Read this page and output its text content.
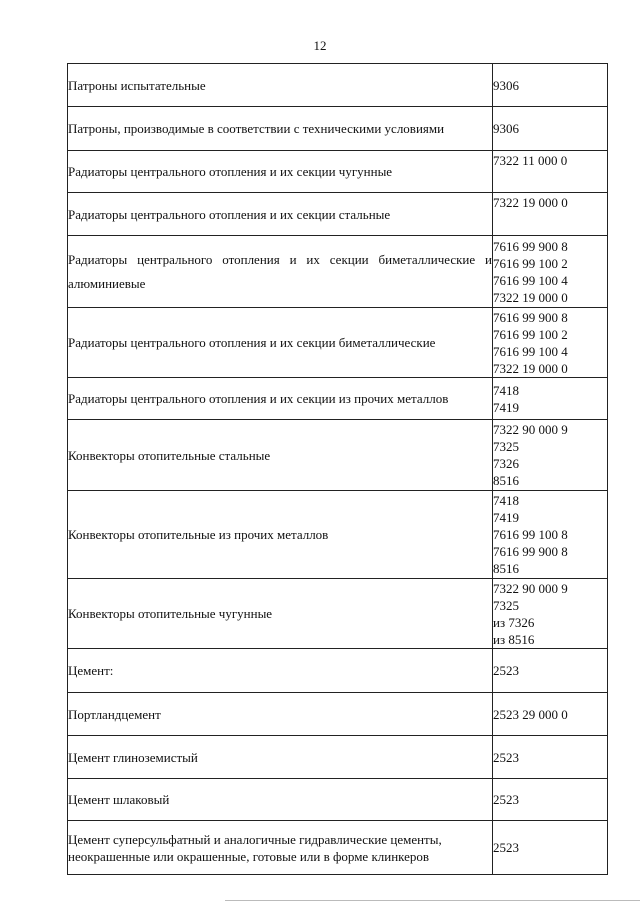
12
Патроны испытательные	9306

Патроны, производимые в соответствии с техническими условиями	9306

Радиаторы центрального отопления и их секции чугунные	7322 11 000 0

Радиаторы центрального отопления и их секции стальные	7322 19 000 0

Радиаторы центрального отопления и их секции биметаллические и алюминиевые	7616 99 900 8
7616 99 100 2
7616 99 100 4
7322 19 000 0

Радиаторы центрального отопления и их секции биметаллические	7616 99 900 8
7616 99 100 2
7616 99 100 4
7322 19 000 0

Радиаторы центрального отопления и их секции из прочих металлов	7418
7419

Конвекторы отопительные стальные	7322 90 000 9
7325
7326
8516

Конвекторы отопительные из прочих металлов	7418
7419
7616 99 100 8
7616 99 900 8
8516

Конвекторы отопительные чугунные	7322 90 000 9
7325
из 7326
из 8516

Цемент:	2523

Портландцемент	2523 29 000 0

Цемент глиноземистый	2523

Цемент шлаковый	2523

Цемент суперсульфатный и аналогичные гидравлические цементы, неокрашенные или окрашенные, готовые или в форме клинкеров	2523
